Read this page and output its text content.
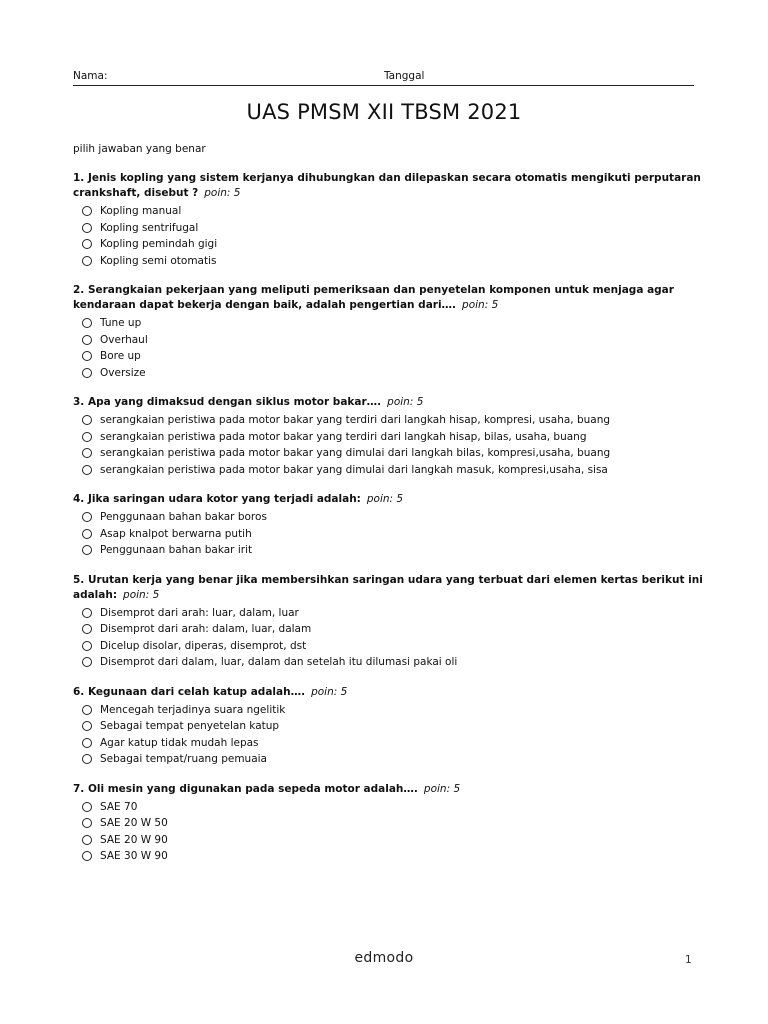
Nama:	Tanggal
UAS PMSM XII TBSM 2021
pilih jawaban yang benar
1. Jenis kopling yang sistem kerjanya dihubungkan dan dilepaskan secara otomatis mengikuti perputaran crankshaft, disebut ? poin: 5
Kopling manual
Kopling sentrifugal
Kopling pemindah gigi
Kopling semi otomatis
2. Serangkaian pekerjaan yang meliputi pemeriksaan dan penyetelan komponen untuk menjaga agar kendaraan dapat bekerja dengan baik, adalah pengertian dari…. poin: 5
Tune up
Overhaul
Bore up
Oversize
3. Apa yang dimaksud dengan siklus motor bakar…. poin: 5
serangkaian peristiwa pada motor bakar yang terdiri dari langkah hisap, kompresi, usaha, buang
serangkaian peristiwa pada motor bakar yang terdiri dari langkah hisap, bilas, usaha, buang
serangkaian peristiwa pada motor bakar yang dimulai dari langkah bilas, kompresi,usaha, buang
serangkaian peristiwa pada motor bakar yang dimulai dari langkah masuk, kompresi,usaha, sisa
4. Jika saringan udara kotor yang terjadi adalah: poin: 5
Penggunaan bahan bakar boros
Asap knalpot berwarna putih
Penggunaan bahan bakar irit
5. Urutan kerja yang benar jika membersihkan saringan udara yang terbuat dari elemen kertas berikut ini adalah: poin: 5
Disemprot dari arah: luar, dalam, luar
Disemprot dari arah: dalam, luar, dalam
Dicelup disolar, diperas, disemprot, dst
Disemprot dari dalam, luar, dalam dan setelah itu dilumasi pakai oli
6. Kegunaan dari celah katup adalah…. poin: 5
Mencegah terjadinya suara ngelitik
Sebagai tempat penyetelan katup
Agar katup tidak mudah lepas
Sebagai tempat/ruang pemuaia
7. Oli mesin yang digunakan pada sepeda motor adalah…. poin: 5
SAE 70
SAE 20 W 50
SAE 20 W 90
SAE 30 W 90
edmodo	1
